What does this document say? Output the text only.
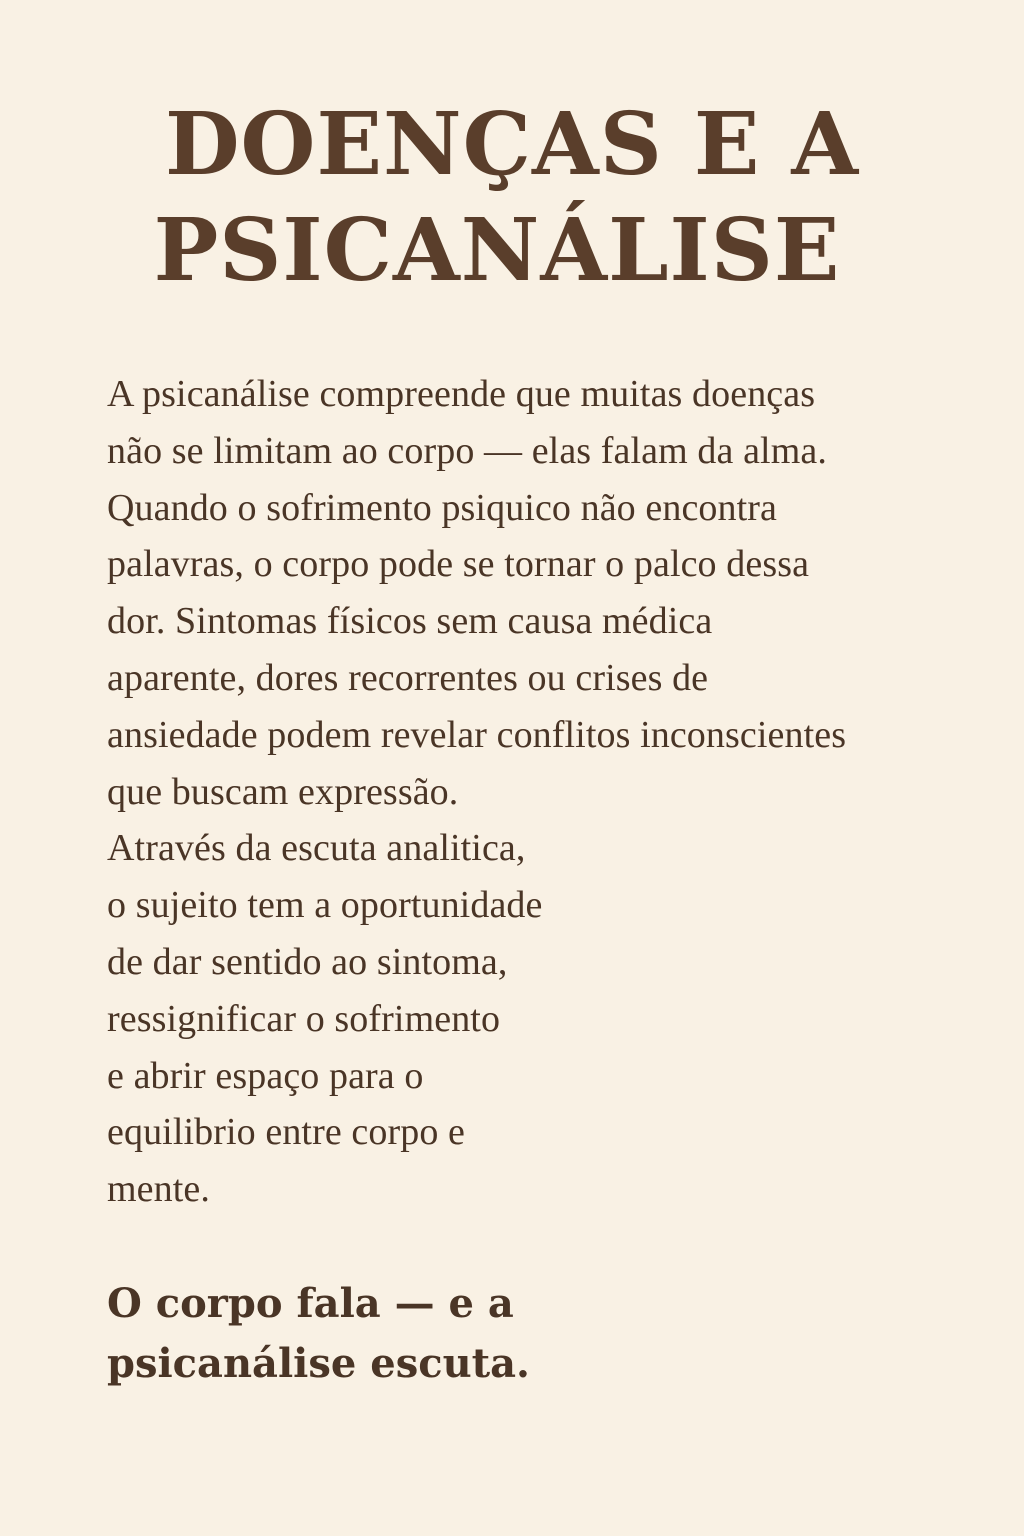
DOENÇAS E A
PSICANÁLISE
A psicanálise compreende que muitas doenças
não se limitam ao corpo — elas falam da alma.
Quando o sofrimento psiquico não encontra
palavras, o corpo pode se tornar o palco dessa
dor. Sintomas físicos sem causa médica
aparente, dores recorrentes ou crises de
ansiedade podem revelar conflitos inconscientes
que buscam expressão.
Através da escuta analitica,
o sujeito tem a oportunidade
de dar sentido ao sintoma,
ressignificar o sofrimento
e abrir espaço para o
equilibrio entre corpo e
mente.
O corpo fala — e a
psicanálise escuta.
